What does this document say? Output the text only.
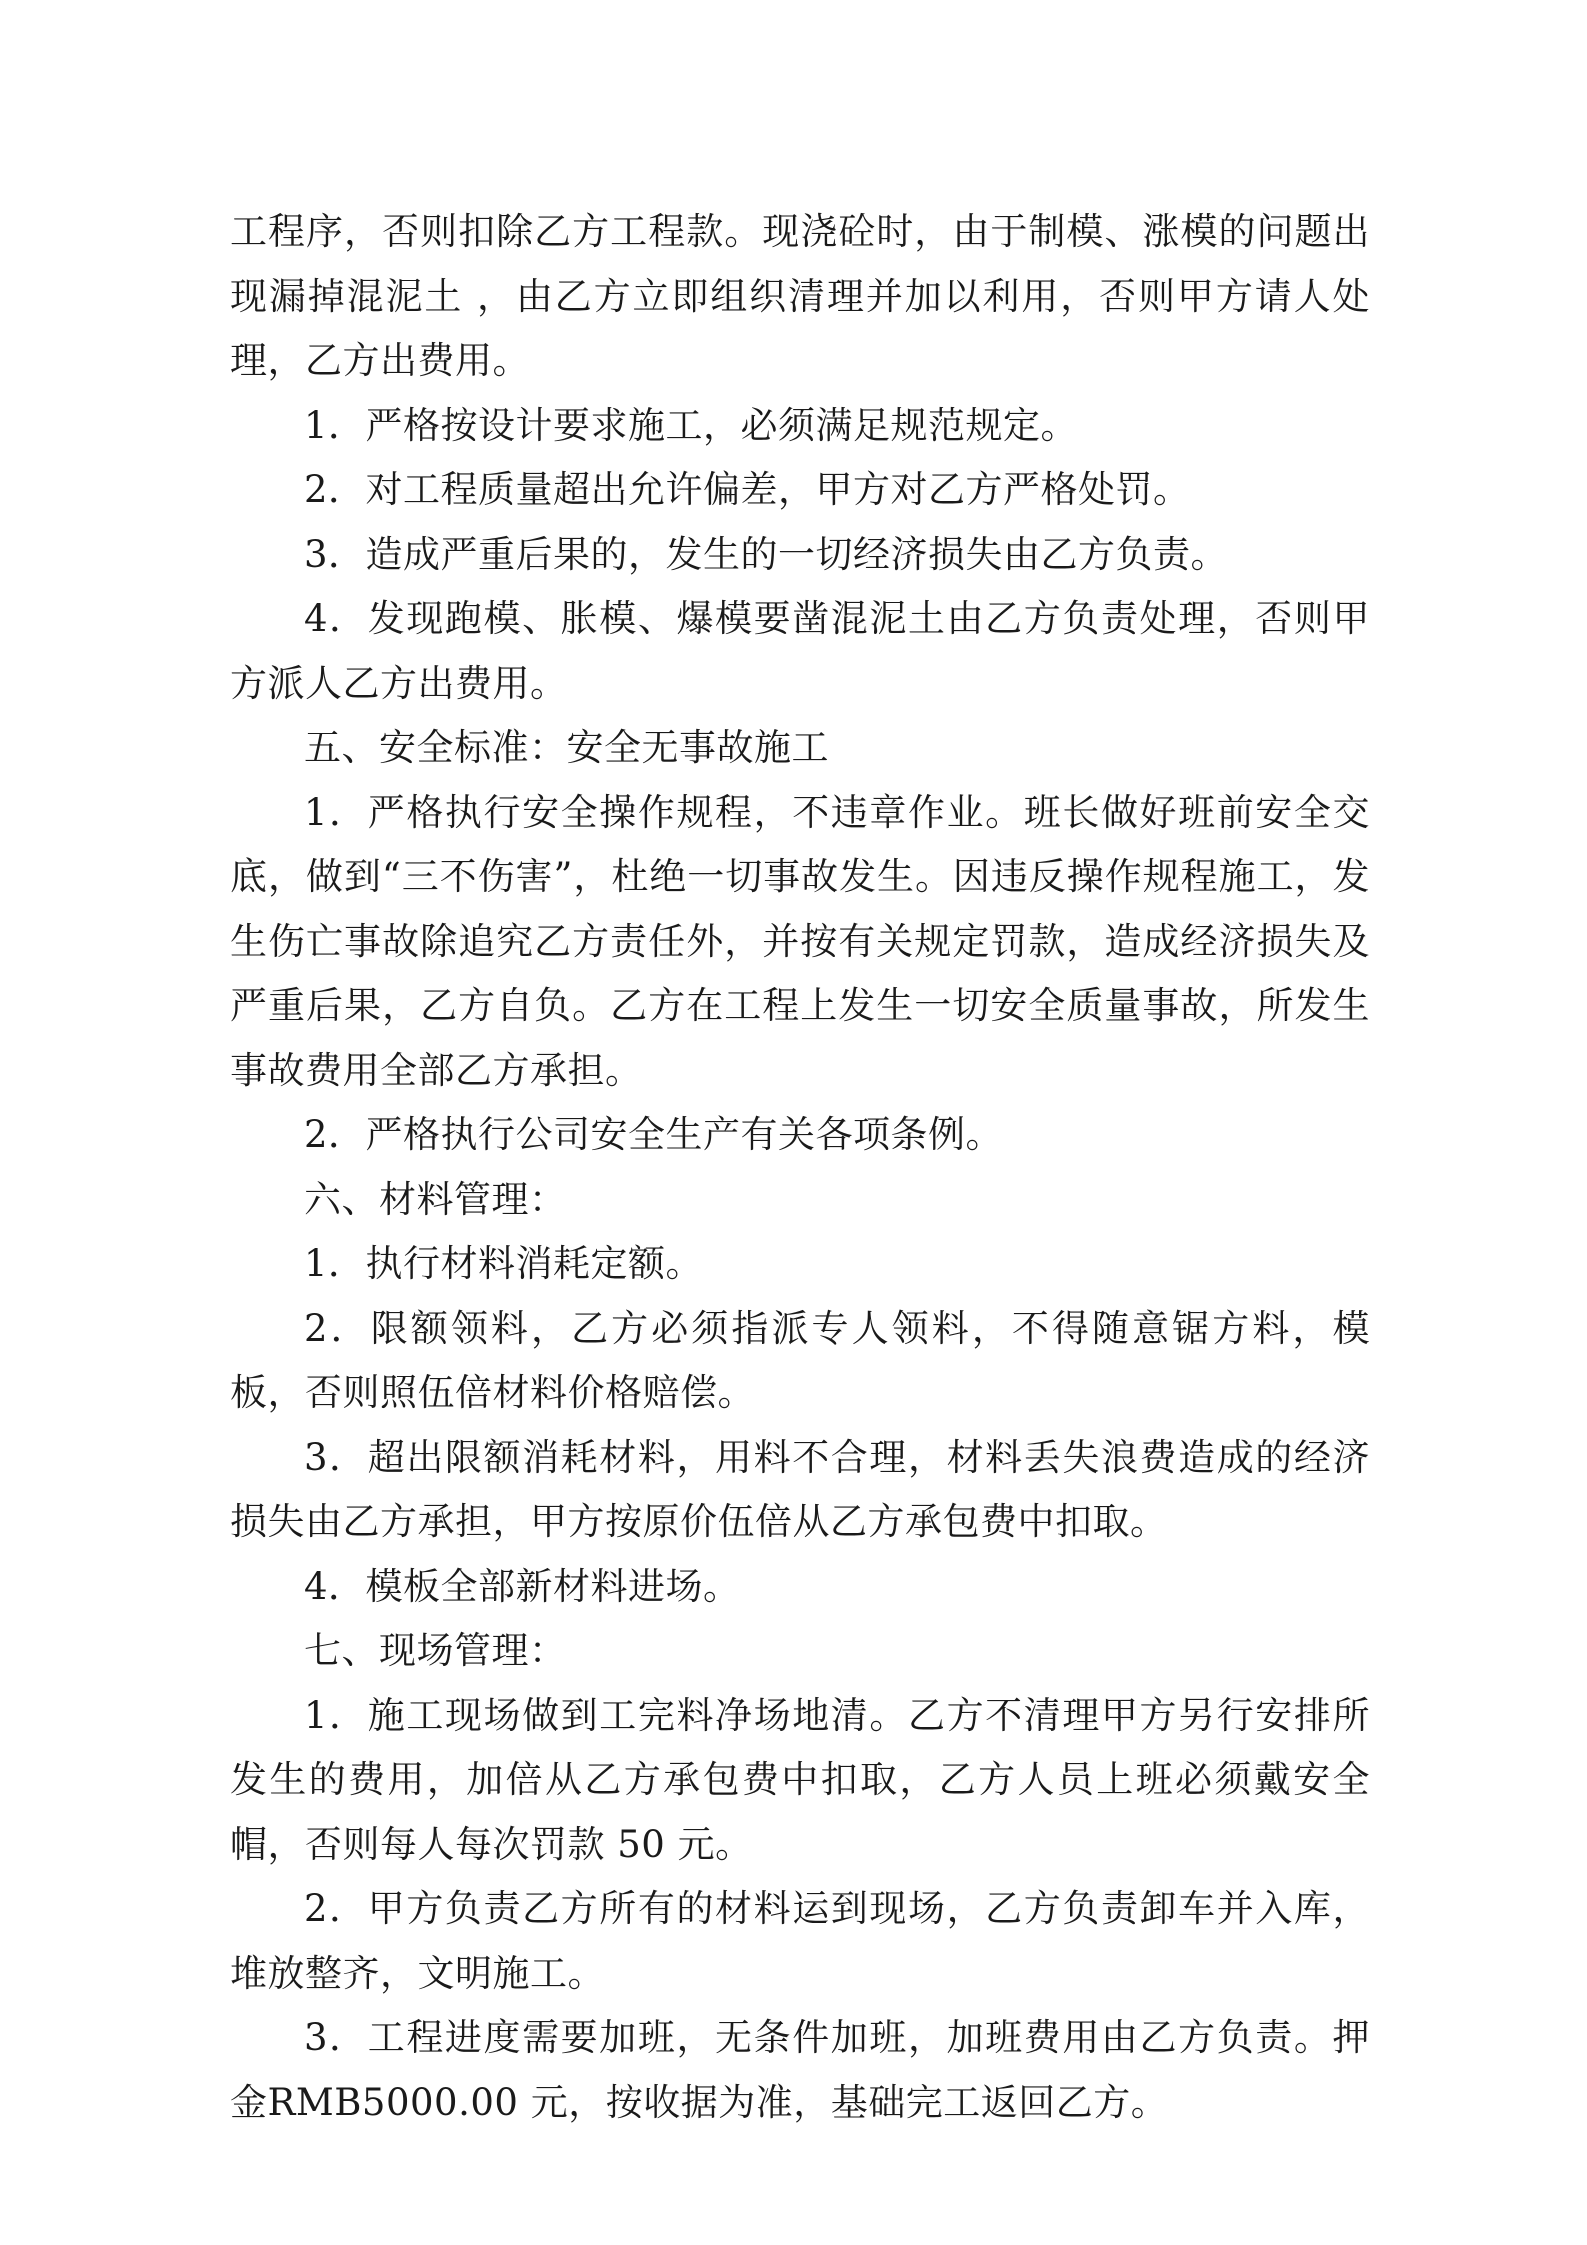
工程序，否则扣除乙方工程款。现浇砼时，由于制模、涨模的问题出现漏掉混泥土 ，由乙方立即组织清理并加以利用，否则甲方请人处理，乙方出费用。

1．严格按设计要求施工，必须满足规范规定。

2．对工程质量超出允许偏差，甲方对乙方严格处罚。

3．造成严重后果的，发生的一切经济损失由乙方负责。

4．发现跑模、胀模、爆模要凿混泥土由乙方负责处理，否则甲方派人乙方出费用。

五、安全标准：安全无事故施工

1．严格执行安全操作规程，不违章作业。班长做好班前安全交底，做到“三不伤害”，杜绝一切事故发生。因违反操作规程施工，发生伤亡事故除追究乙方责任外，并按有关规定罚款，造成经济损失及严重后果，乙方自负。乙方在工程上发生一切安全质量事故，所发生事故费用全部乙方承担。

2．严格执行公司安全生产有关各项条例。

六、材料管理：

1．执行材料消耗定额。

2．限额领料，乙方必须指派专人领料，不得随意锯方料，模板，否则照伍倍材料价格赔偿。

3．超出限额消耗材料，用料不合理，材料丢失浪费造成的经济损失由乙方承担，甲方按原价伍倍从乙方承包费中扣取。

4．模板全部新材料进场。

七、现场管理：

1．施工现场做到工完料净场地清。乙方不清理甲方另行安排所发生的费用，加倍从乙方承包费中扣取，乙方人员上班必须戴安全帽，否则每人每次罚款 50 元。

2．甲方负责乙方所有的材料运到现场，乙方负责卸车并入库，堆放整齐，文明施工。

3．工程进度需要加班，无条件加班，加班费用由乙方负责。押金RMB5000.00 元，按收据为准，基础完工返回乙方。
